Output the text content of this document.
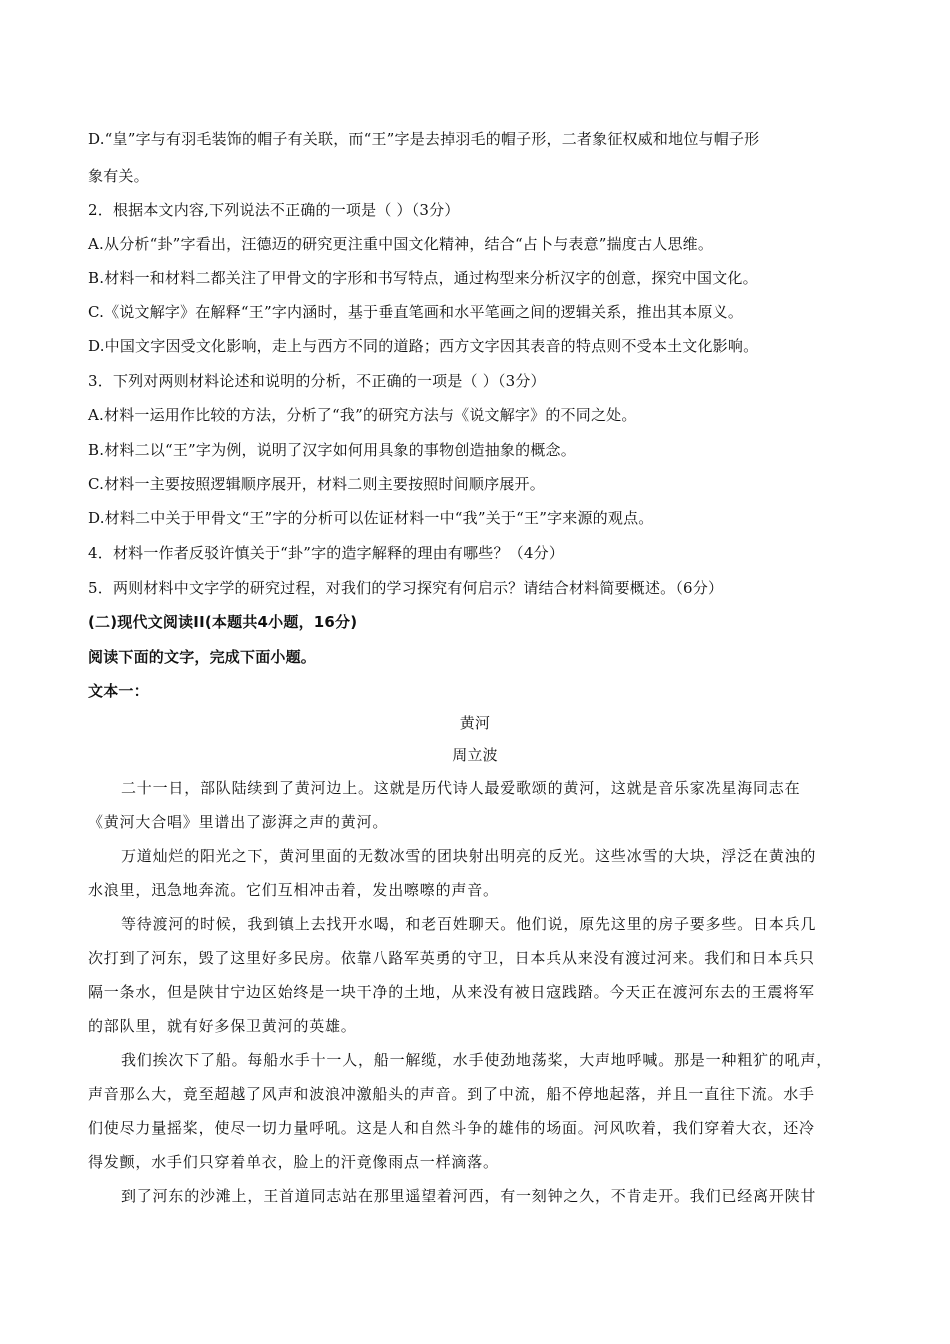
D.“皇”字与有羽毛装饰的帽子有关联，而“王”字是去掉羽毛的帽子形，二者象征权威和地位与帽子形
象有关。
2．根据本文内容,下列说法不正确的一项是（ ）（3分）
A.从分析“卦”字看出，汪德迈的研究更注重中国文化精神，结合“占卜与表意”揣度古人思维。
B.材料一和材料二都关注了甲骨文的字形和书写特点，通过构型来分析汉字的创意，探究中国文化。
C.《说文解字》在解释“王”字内涵时，基于垂直笔画和水平笔画之间的逻辑关系，推出其本原义。
D.中国文字因受文化影响，走上与西方不同的道路；西方文字因其表音的特点则不受本土文化影响。
3．下列对两则材料论述和说明的分析，不正确的一项是（ ）（3分）
A.材料一运用作比较的方法，分析了“我”的研究方法与《说文解字》的不同之处。
B.材料二以“王”字为例，说明了汉字如何用具象的事物创造抽象的概念。
C.材料一主要按照逻辑顺序展开，材料二则主要按照时间顺序展开。
D.材料二中关于甲骨文“王”字的分析可以佐证材料一中“我”关于“王”字来源的观点。
4．材料一作者反驳许慎关于“卦”字的造字解释的理由有哪些？（4分）
5．两则材料中文字学的研究过程，对我们的学习探究有何启示？请结合材料简要概述。（6分）
(二)现代文阅读II(本题共4小题，16分)
阅读下面的文字，完成下面小题。
文本一：
黄河
周立波
二十一日，部队陆续到了黄河边上。这就是历代诗人最爱歌颂的黄河，这就是音乐家冼星海同志在
《黄河大合唱》里谱出了澎湃之声的黄河。
万道灿烂的阳光之下，黄河里面的无数冰雪的团块射出明亮的反光。这些冰雪的大块，浮泛在黄浊的
水浪里，迅急地奔流。它们互相冲击着，发出嚓嚓的声音。
等待渡河的时候，我到镇上去找开水喝，和老百姓聊天。他们说，原先这里的房子要多些。日本兵几
次打到了河东，毁了这里好多民房。依靠八路军英勇的守卫，日本兵从来没有渡过河来。我们和日本兵只
隔一条水，但是陕甘宁边区始终是一块干净的土地，从来没有被日寇践踏。今天正在渡河东去的王震将军
的部队里，就有好多保卫黄河的英雄。
我们挨次下了船。每船水手十一人，船一解缆，水手使劲地荡桨，大声地呼喊。那是一种粗犷的吼声，
声音那么大，竟至超越了风声和波浪冲激船头的声音。到了中流，船不停地起落，并且一直往下流。水手
们使尽力量摇桨，使尽一切力量呼吼。这是人和自然斗争的雄伟的场面。河风吹着，我们穿着大衣，还冷
得发颤，水手们只穿着单衣，脸上的汗竟像雨点一样滴落。
到了河东的沙滩上，王首道同志站在那里遥望着河西，有一刻钟之久，不肯走开。我们已经离开陕甘
